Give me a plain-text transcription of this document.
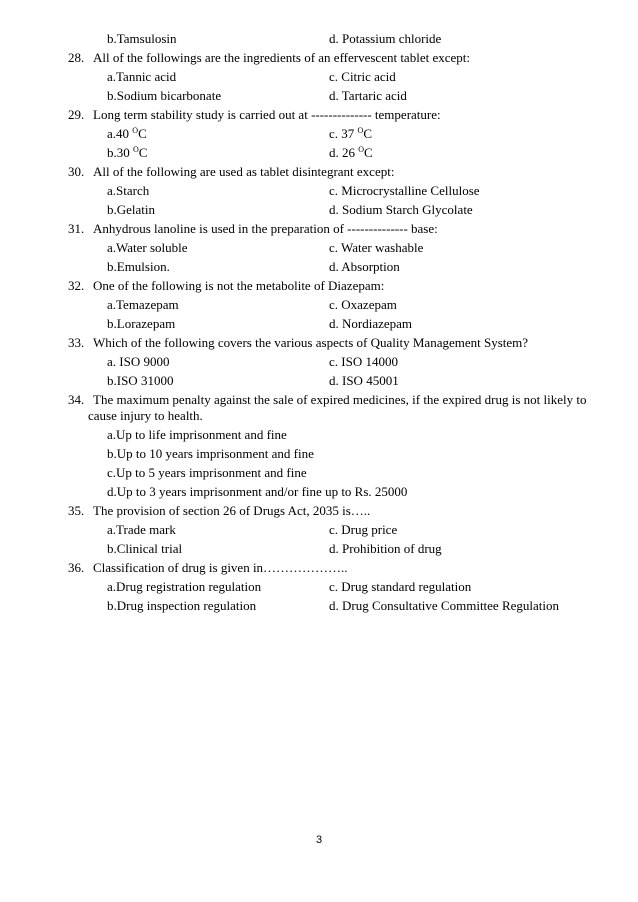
b.Tamsulosin	d. Potassium chloride
28. All of the followings are the ingredients of an effervescent tablet except:
a.Tannic acid	c. Citric acid
b.Sodium bicarbonate	d. Tartaric acid
29. Long term stability study is carried out at -------------- temperature:
a.40 $^O$C	c. 37 $^O$C
b.30 $^O$C	d. 26 $^O$C
30. All of the following are used as tablet disintegrant except:
a.Starch	c. Microcrystalline Cellulose
b.Gelatin	d. Sodium Starch Glycolate
31. Anhydrous lanoline is used in the preparation of -------------- base:
a.Water soluble	c. Water washable
b.Emulsion.	d. Absorption
32. One of the following is not the metabolite of Diazepam:
a.Temazepam	c. Oxazepam
b.Lorazepam	d. Nordiazepam
33. Which of the following covers the various aspects of Quality Management System?
a. ISO 9000	c. ISO 14000
b.ISO 31000	d. ISO 45001
34. The maximum penalty against the sale of expired medicines, if the expired drug is not likely to
cause injury to health.
a.Up to life imprisonment and fine
b.Up to 10 years imprisonment and fine
c.Up to 5 years imprisonment and fine
d.Up to 3 years imprisonment and/or fine up to Rs. 25000
35. The provision of section 26 of Drugs Act, 2035 is…..
a.Trade mark	c. Drug price
b.Clinical trial	d. Prohibition of drug
36. Classification of drug is given in………………..
a.Drug registration regulation	c. Drug standard regulation
b.Drug inspection regulation	d. Drug Consultative Committee Regulation
3
